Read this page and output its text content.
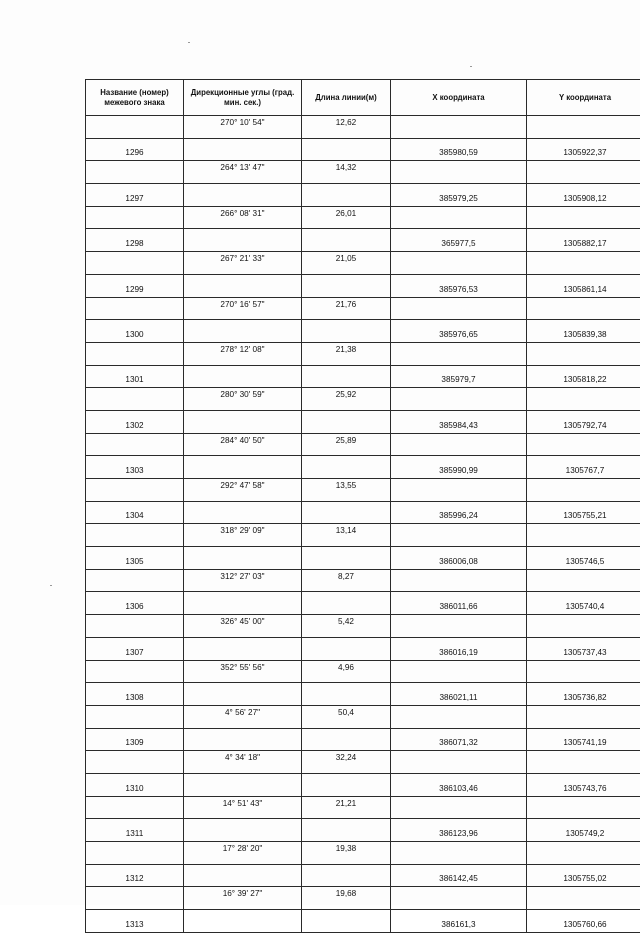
Название (номер) межевого знака	Дирекционные углы (град. мин. сек.)	Длина линии(м)	X координата	Y координата
	270° 10' 54"	12,62		
1296			385980,59	1305922,37
	264° 13' 47"	14,32		
1297			385979,25	1305908,12
	266° 08' 31"	26,01		
1298			365977,5	1305882,17
	267° 21' 33"	21,05		
1299			385976,53	1305861,14
	270° 16' 57"	21,76		
1300			385976,65	1305839,38
	278° 12' 08"	21,38		
1301			385979,7	1305818,22
	280° 30' 59"	25,92		
1302			385984,43	1305792,74
	284° 40' 50"	25,89		
1303			385990,99	1305767,7
	292° 47' 58"	13,55		
1304			385996,24	1305755,21
	318° 29' 09"	13,14		
1305			386006,08	1305746,5
	312° 27' 03"	8,27		
1306			386011,66	1305740,4
	326° 45' 00"	5,42		
1307			386016,19	1305737,43
	352° 55' 56"	4,96		
1308			386021,11	1305736,82
	4° 56' 27"	50,4		
1309			386071,32	1305741,19
	4° 34' 18"	32,24		
1310			386103,46	1305743,76
	14° 51' 43"	21,21		
1311			386123,96	1305749,2
	17° 28' 20"	19,38		
1312			386142,45	1305755,02
	16° 39' 27"	19,68		
1313			386161,3	1305760,66
